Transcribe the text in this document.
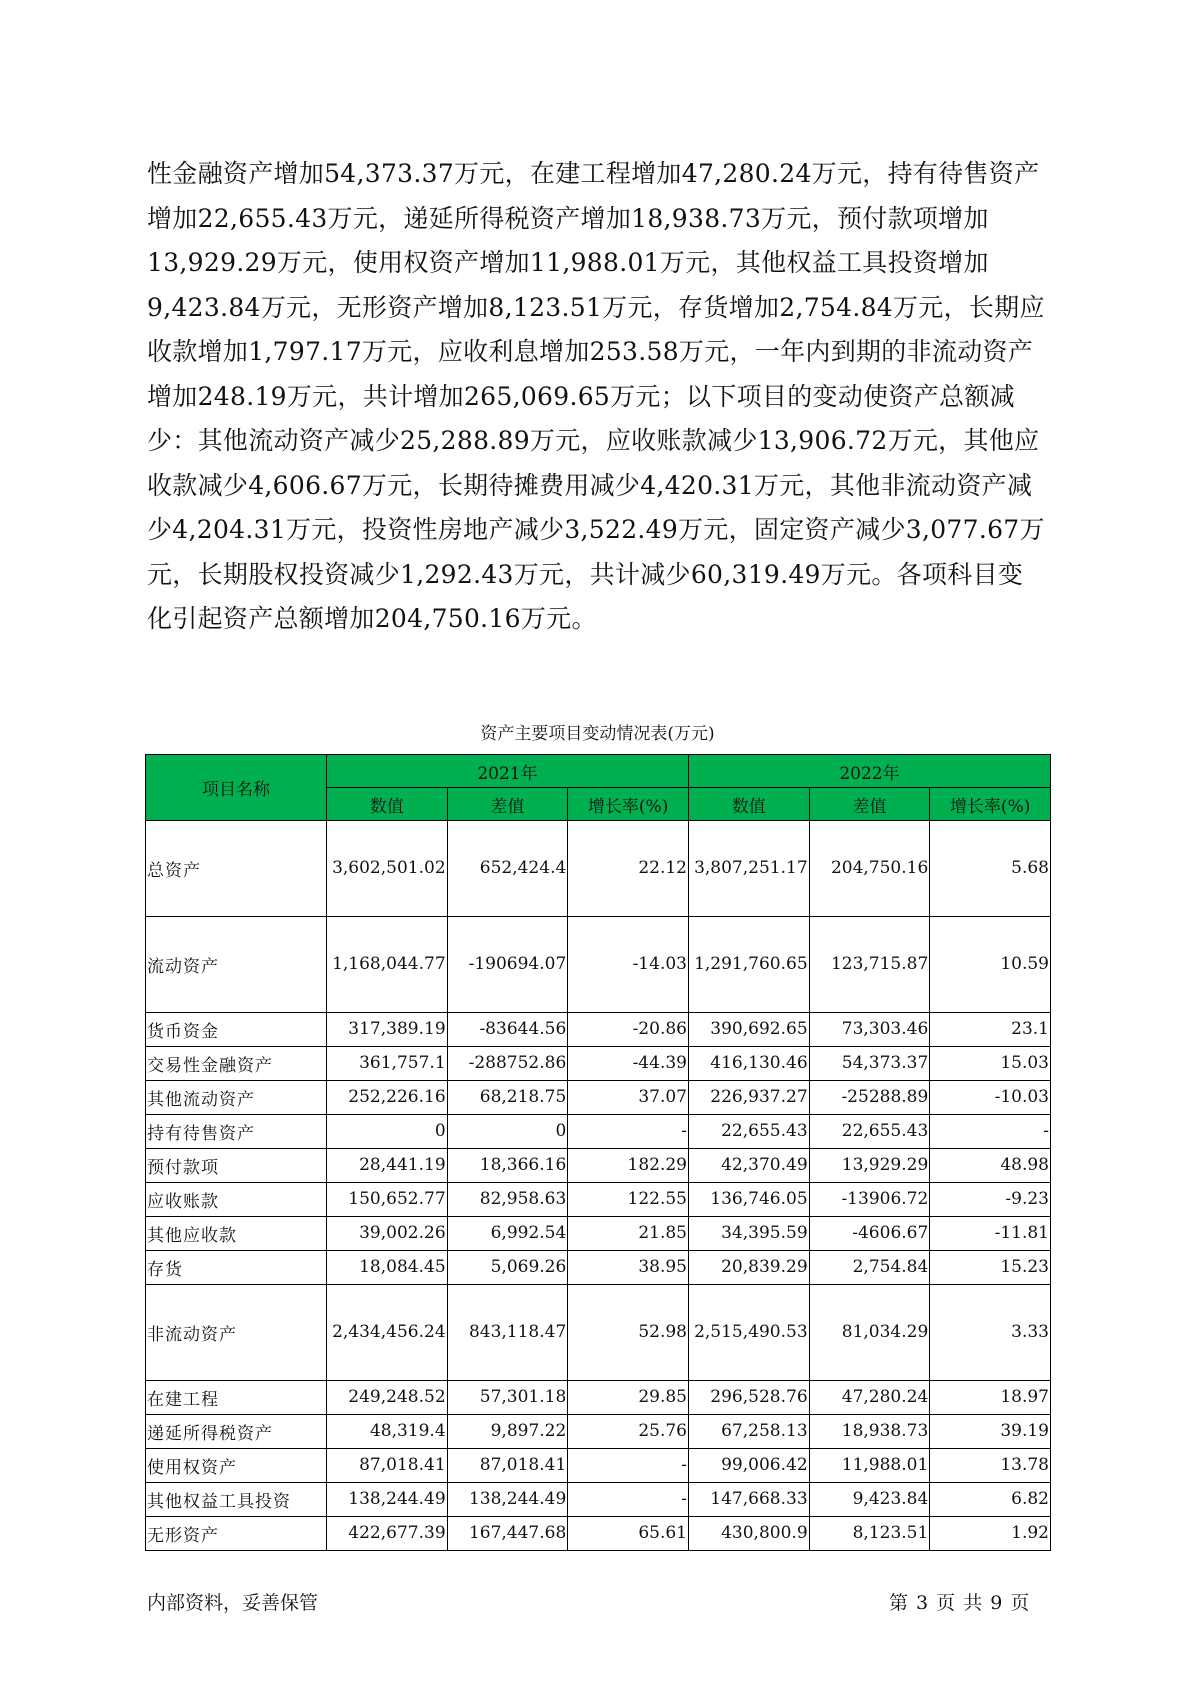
性金融资产增加54,373.37万元，在建工程增加47,280.24万元，持有待售资产增加22,655.43万元，递延所得税资产增加18,938.73万元，预付款项增加13,929.29万元，使用权资产增加11,988.01万元，其他权益工具投资增加9,423.84万元，无形资产增加8,123.51万元，存货增加2,754.84万元，长期应收款增加1,797.17万元，应收利息增加253.58万元，一年内到期的非流动资产增加248.19万元，共计增加265,069.65万元；以下项目的变动使资产总额减少：其他流动资产减少25,288.89万元，应收账款减少13,906.72万元，其他应收款减少4,606.67万元，长期待摊费用减少4,420.31万元，其他非流动资产减少4,204.31万元，投资性房地产减少3,522.49万元，固定资产减少3,077.67万元，长期股权投资减少1,292.43万元，共计减少60,319.49万元。各项科目变化引起资产总额增加204,750.16万元。

资产主要项目变动情况表(万元)
项目名称	2021年			2022年		
	数值	差值	增长率(%)	数值	差值	增长率(%)
总资产	3,602,501.02	652,424.4	22.12	3,807,251.17	204,750.16	5.68
流动资产	1,168,044.77	-190694.07	-14.03	1,291,760.65	123,715.87	10.59
货币资金	317,389.19	-83644.56	-20.86	390,692.65	73,303.46	23.1
交易性金融资产	361,757.1	-288752.86	-44.39	416,130.46	54,373.37	15.03
其他流动资产	252,226.16	68,218.75	37.07	226,937.27	-25288.89	-10.03
持有待售资产	0	0	-	22,655.43	22,655.43	-
预付款项	28,441.19	18,366.16	182.29	42,370.49	13,929.29	48.98
应收账款	150,652.77	82,958.63	122.55	136,746.05	-13906.72	-9.23
其他应收款	39,002.26	6,992.54	21.85	34,395.59	-4606.67	-11.81
存货	18,084.45	5,069.26	38.95	20,839.29	2,754.84	15.23
非流动资产	2,434,456.24	843,118.47	52.98	2,515,490.53	81,034.29	3.33
在建工程	249,248.52	57,301.18	29.85	296,528.76	47,280.24	18.97
递延所得税资产	48,319.4	9,897.22	25.76	67,258.13	18,938.73	39.19
使用权资产	87,018.41	87,018.41	-	99,006.42	11,988.01	13.78
其他权益工具投资	138,244.49	138,244.49	-	147,668.33	9,423.84	6.82
无形资产	422,677.39	167,447.68	65.61	430,800.9	8,123.51	1.92
内部资料，妥善保管	第 3 页 共 9 页
